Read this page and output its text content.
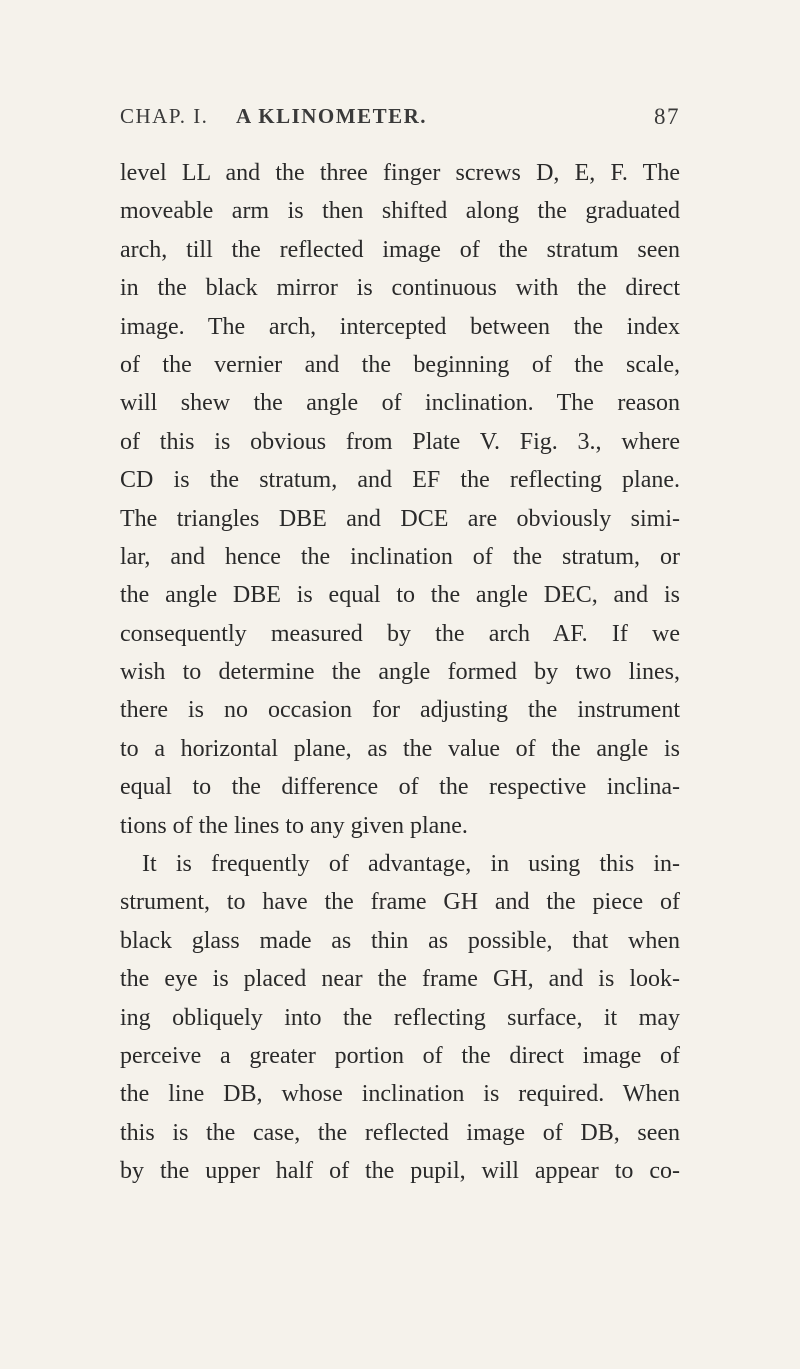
CHAP. I. A KLINOMETER.	87
level LL and the three finger screws D, E, F. The
moveable arm is then shifted along the graduated
arch, till the reflected image of the stratum seen
in the black mirror is continuous with the direct
image. The arch, intercepted between the index
of the vernier and the beginning of the scale,
will shew the angle of inclination. The reason
of this is obvious from Plate V. Fig. 3., where
CD is the stratum, and EF the reflecting plane.
The triangles DBE and DCE are obviously simi-
lar, and hence the inclination of the stratum, or
the angle DBE is equal to the angle DEC, and is
consequently measured by the arch AF. If we
wish to determine the angle formed by two lines,
there is no occasion for adjusting the instrument
to a horizontal plane, as the value of the angle is
equal to the difference of the respective inclina-
tions of the lines to any given plane.
It is frequently of advantage, in using this in-
strument, to have the frame GH and the piece of
black glass made as thin as possible, that when
the eye is placed near the frame GH, and is look-
ing obliquely into the reflecting surface, it may
perceive a greater portion of the direct image of
the line DB, whose inclination is required. When
this is the case, the reflected image of DB, seen
by the upper half of the pupil, will appear to co-
